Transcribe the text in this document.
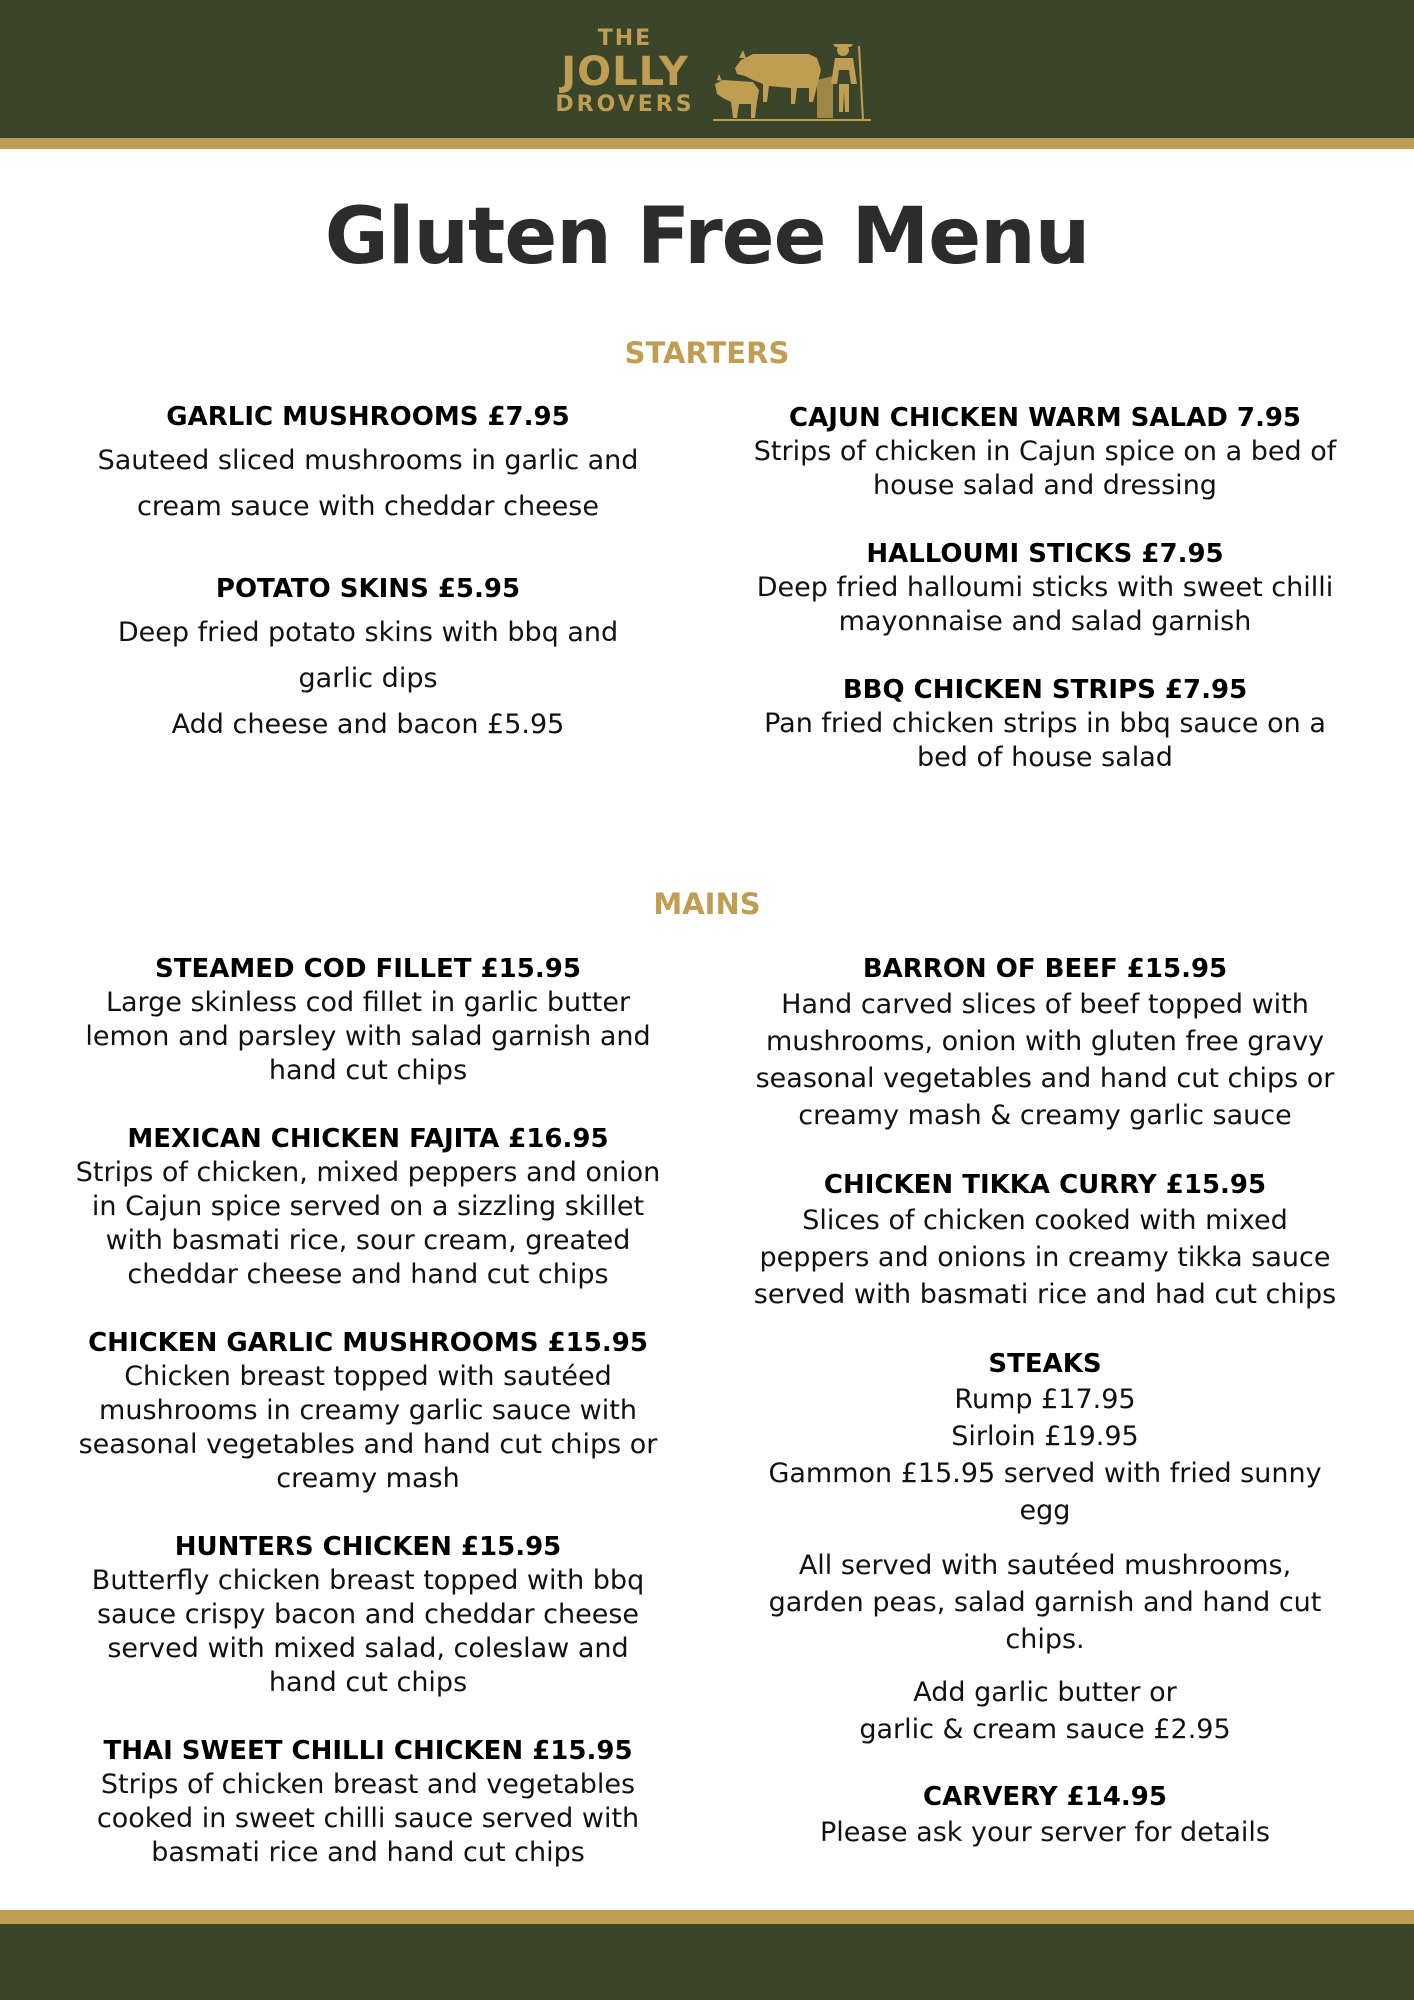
THE
JOLLY
DROVERS
Gluten Free Menu
STARTERS
GARLIC MUSHROOMS £7.95
Sauteed sliced mushrooms in garlic and
cream sauce with cheddar cheese
POTATO SKINS £5.95
Deep fried potato skins with bbq and
garlic dips
Add cheese and bacon £5.95
CAJUN CHICKEN WARM SALAD 7.95
Strips of chicken in Cajun spice on a bed of
house salad and dressing
HALLOUMI STICKS £7.95
Deep fried halloumi sticks with sweet chilli
mayonnaise and salad garnish
BBQ CHICKEN STRIPS £7.95
Pan fried chicken strips in bbq sauce on a
bed of house salad
MAINS
STEAMED COD FILLET £15.95
Large skinless cod fillet in garlic butter
lemon and parsley with salad garnish and
hand cut chips
MEXICAN CHICKEN FAJITA £16.95
Strips of chicken, mixed peppers and onion
in Cajun spice served on a sizzling skillet
with basmati rice, sour cream, greated
cheddar cheese and hand cut chips
CHICKEN GARLIC MUSHROOMS £15.95
Chicken breast topped with sautéed
mushrooms in creamy garlic sauce with
seasonal vegetables and hand cut chips or
creamy mash
HUNTERS CHICKEN £15.95
Butterfly chicken breast topped with bbq
sauce crispy bacon and cheddar cheese
served with mixed salad, coleslaw and
hand cut chips
THAI SWEET CHILLI CHICKEN £15.95
Strips of chicken breast and vegetables
cooked in sweet chilli sauce served with
basmati rice and hand cut chips
BARRON OF BEEF £15.95
Hand carved slices of beef topped with
mushrooms, onion with gluten free gravy
seasonal vegetables and hand cut chips or
creamy mash & creamy garlic sauce
CHICKEN TIKKA CURRY £15.95
Slices of chicken cooked with mixed
peppers and onions in creamy tikka sauce
served with basmati rice and had cut chips
STEAKS
Rump £17.95
Sirloin £19.95
Gammon £15.95 served with fried sunny
egg
All served with sautéed mushrooms,
garden peas, salad garnish and hand cut
chips.
Add garlic butter or
garlic & cream sauce £2.95
CARVERY £14.95
Please ask your server for details
